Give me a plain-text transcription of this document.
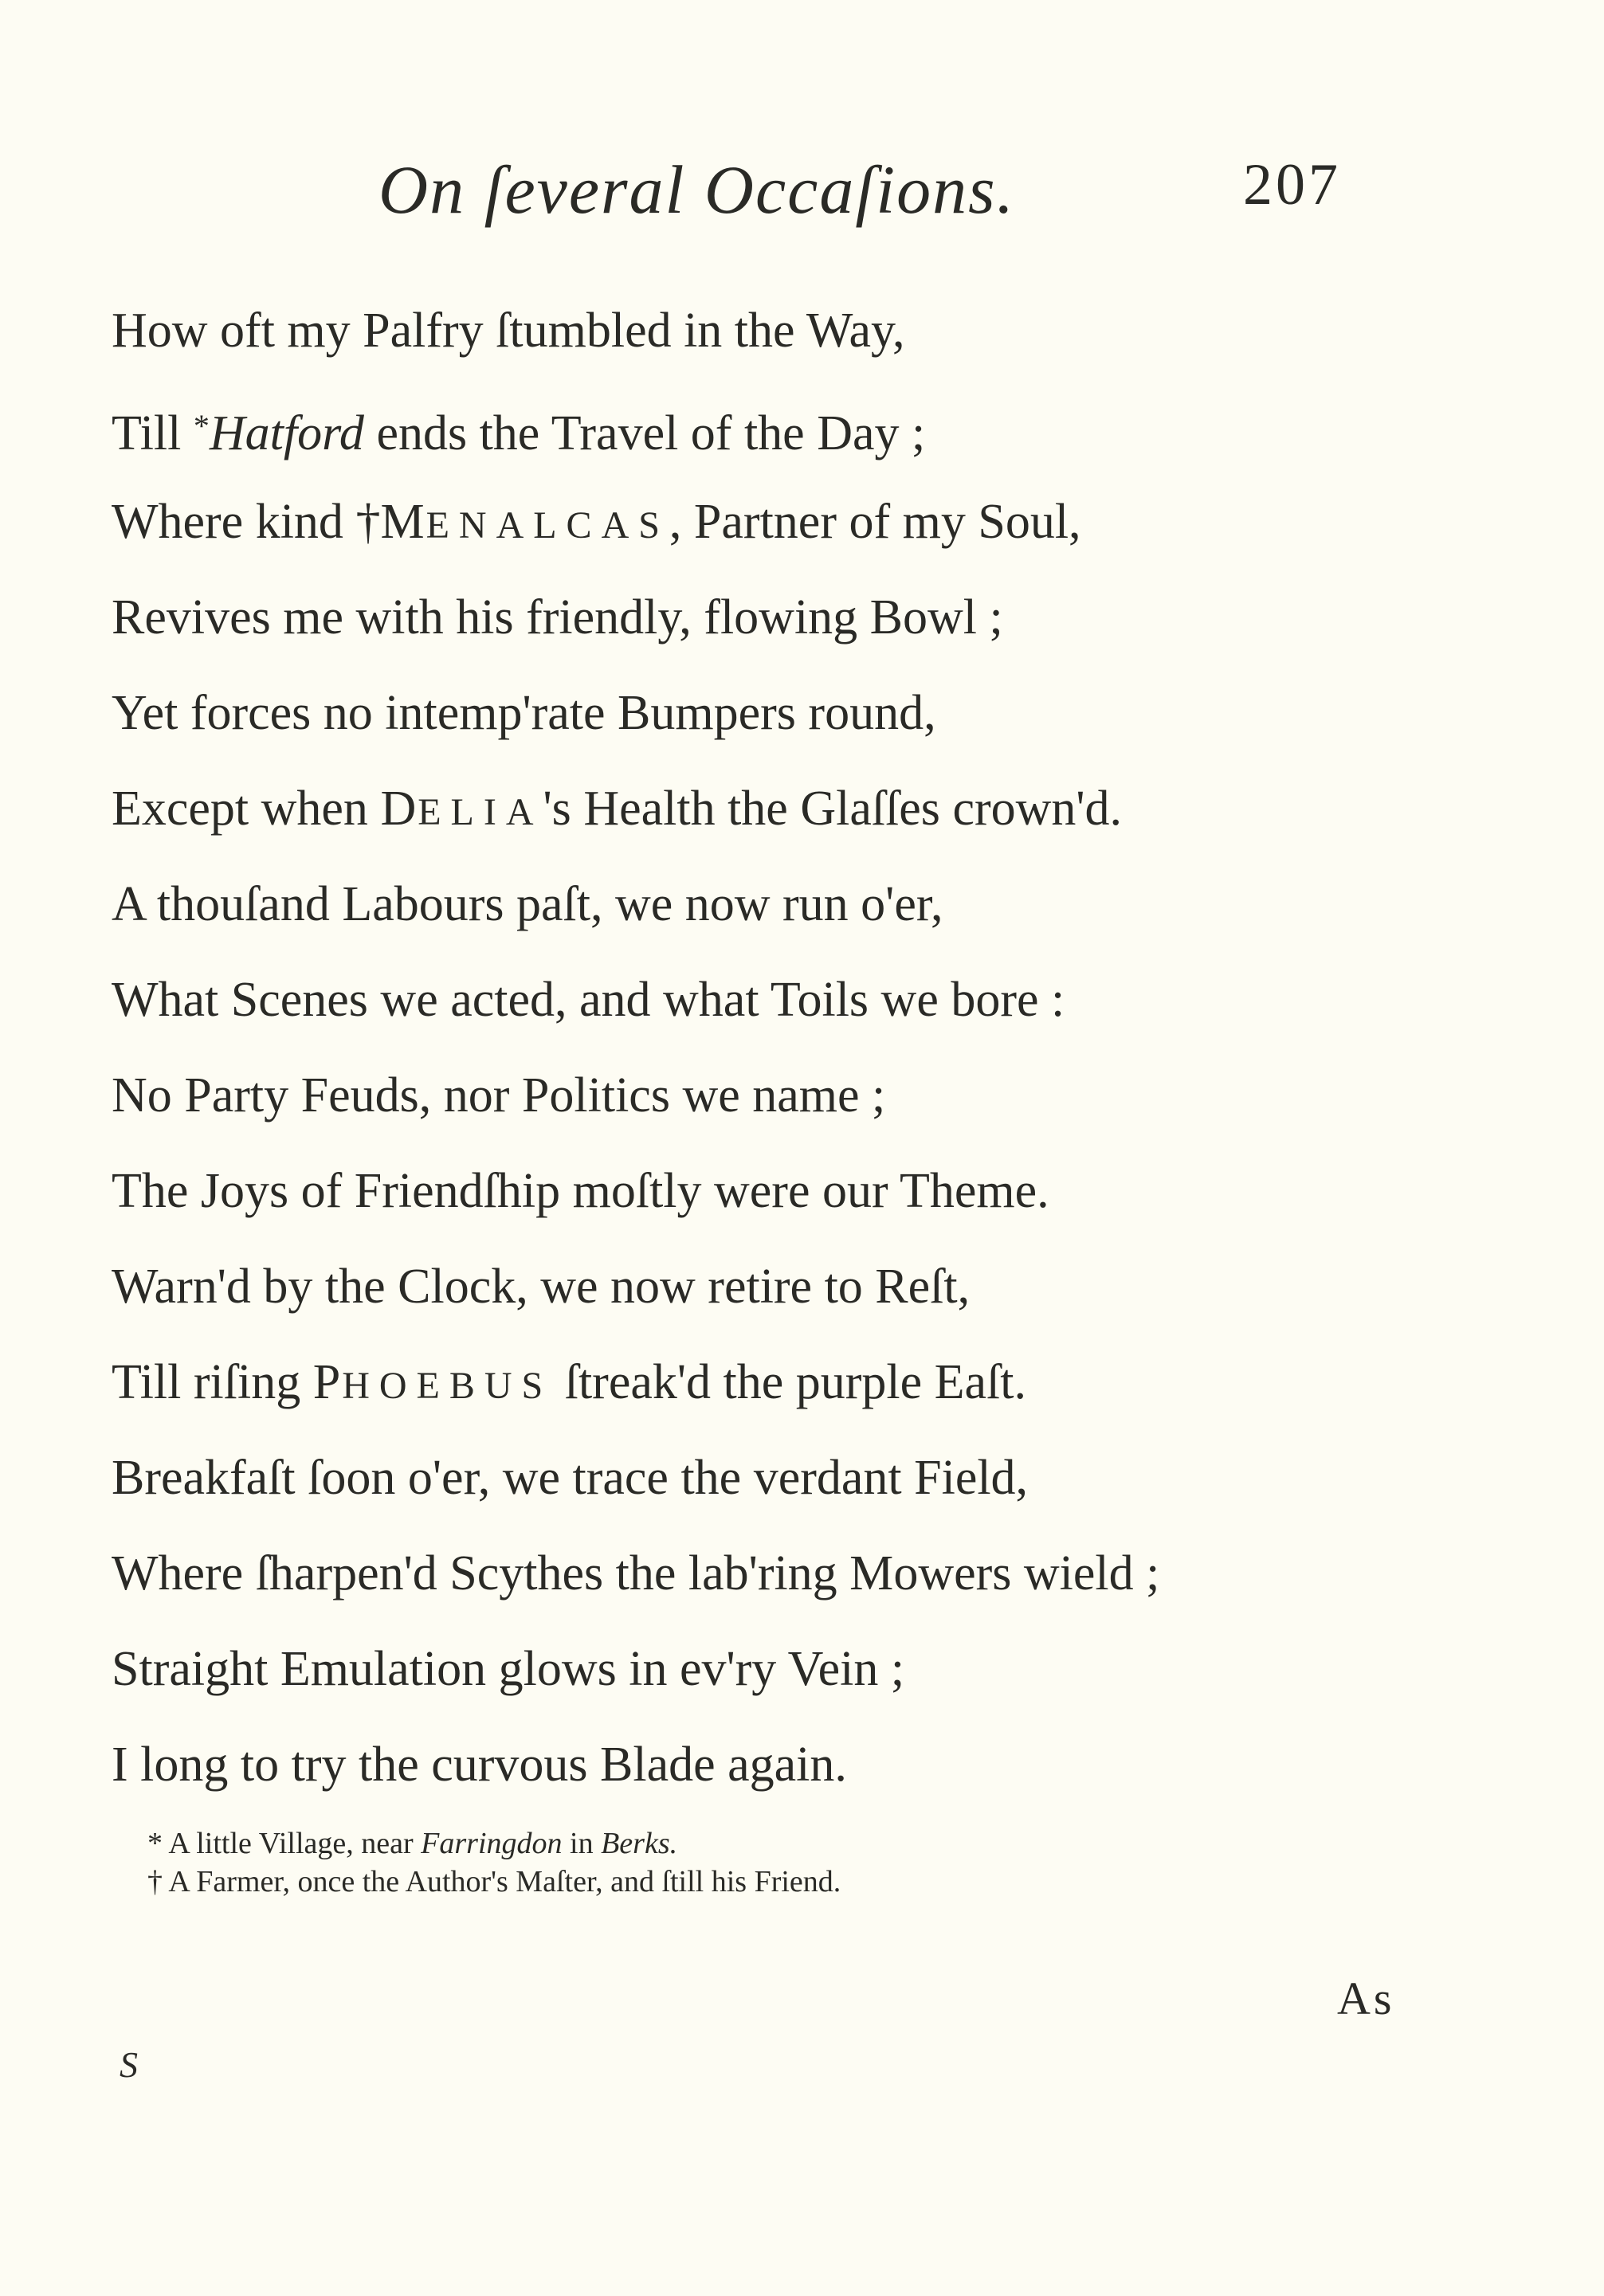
On ſeveral Occaſions.	207
How oft my Palfry ſtumbled in the Way,
Till *Hatford ends the Travel of the Day ;
Where kind †MENALCAS, Partner of my Soul,
Revives me with his friendly, flowing Bowl ;
Yet forces no intemp'rate Bumpers round,
Except when DELIA's Health the Glaſſes crown'd.
A thouſand Labours paſt, we now run o'er,
What Scenes we acted, and what Toils we bore :
No Party Feuds, nor Politics we name ;
The Joys of Friendſhip moſtly were our Theme.
Warn'd by the Clock, we now retire to Reſt,
Till riſing PHOEBUS ſtreak'd the purple Eaſt.
Breakfaſt ſoon o'er, we trace the verdant Field,
Where ſharpen'd Scythes the lab'ring Mowers wield ;
Straight Emulation glows in ev'ry Vein ;
I long to try the curvous Blade again.
* A little Village, near Farringdon in Berks.
† A Farmer, once the Author's Maſter, and ſtill his Friend.
As
S
